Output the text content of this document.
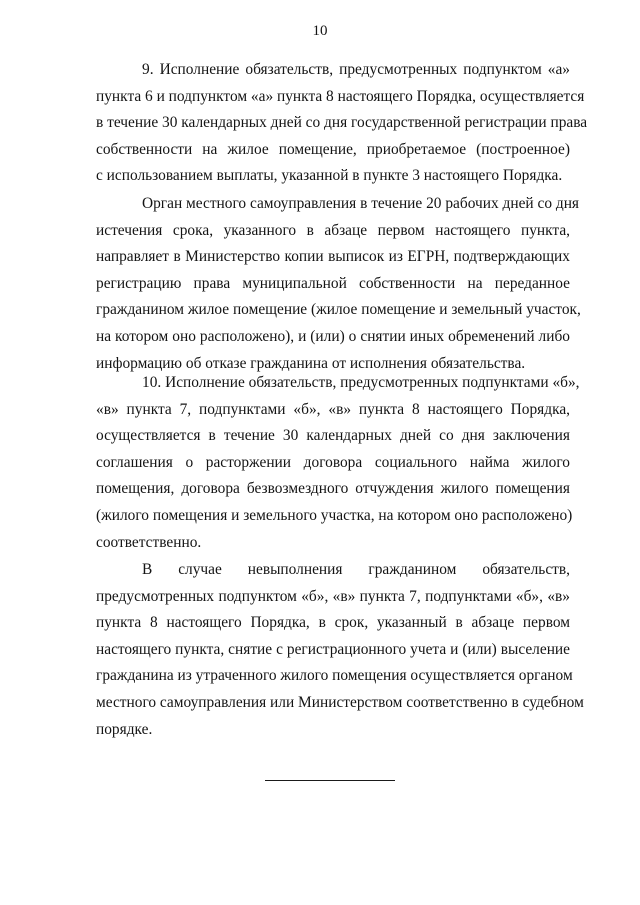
10
9. Исполнение обязательств, предусмотренных подпунктом «а»
пункта 6 и подпунктом «а» пункта 8 настоящего Порядка, осуществляется
в течение 30 календарных дней со дня государственной регистрации права
собственности на жилое помещение, приобретаемое (построенное)
с использованием выплаты, указанной в пункте 3 настоящего Порядка.
Орган местного самоуправления в течение 20 рабочих дней со дня
истечения срока, указанного в абзаце первом настоящего пункта,
направляет в Министерство копии выписок из ЕГРН, подтверждающих
регистрацию права муниципальной собственности на переданное
гражданином жилое помещение (жилое помещение и земельный участок,
на котором оно расположено), и (или) о снятии иных обременений либо
информацию об отказе гражданина от исполнения обязательства.
10. Исполнение обязательств, предусмотренных подпунктами «б»,
«в» пункта 7, подпунктами «б», «в» пункта 8 настоящего Порядка,
осуществляется в течение 30 календарных дней со дня заключения
соглашения о расторжении договора социального найма жилого
помещения, договора безвозмездного отчуждения жилого помещения
(жилого помещения и земельного участка, на котором оно расположено)
соответственно.
В случае невыполнения гражданином обязательств,
предусмотренных подпунктом «б», «в» пункта 7, подпунктами «б», «в»
пункта 8 настоящего Порядка, в срок, указанный в абзаце первом
настоящего пункта, снятие с регистрационного учета и (или) выселение
гражданина из утраченного жилого помещения осуществляется органом
местного самоуправления или Министерством соответственно в судебном
порядке.
